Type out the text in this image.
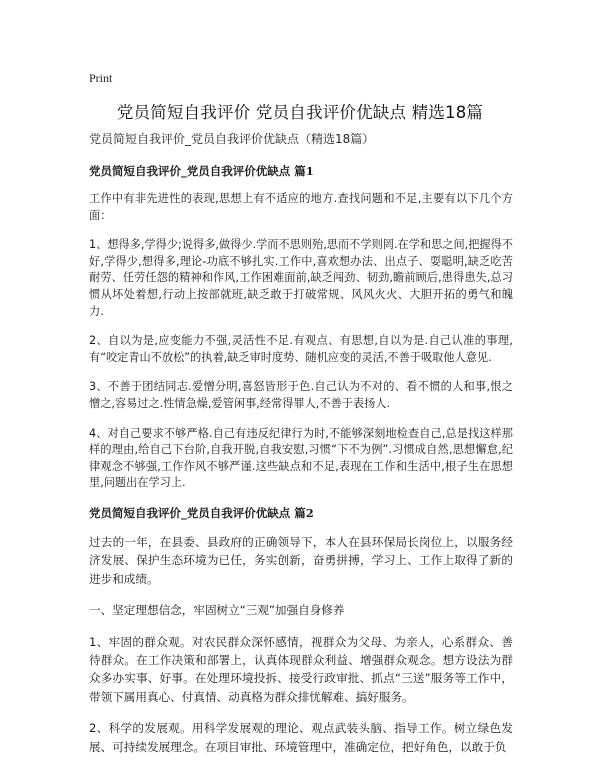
Print
党员简短自我评价 党员自我评价优缺点 精选18篇
党员简短自我评价_党员自我评价优缺点（精选18篇）
党员简短自我评价_党员自我评价优缺点 篇1

工作中有非先进性的表现,思想上有不适应的地方.查找问题和不足,主要有以下几个方面：

1、想得多,学得少;说得多,做得少.学而不思则殆,思而不学则罔.在学和思之间,把握得不好,学得少,想得多,理论-功底不够扎实.工作中,喜欢想办法、出点子、耍聪明,缺乏吃苦耐劳、任劳任怨的精神和作风,工作困难面前,缺乏闯劲、韧劲,瞻前顾后,患得患失,总习惯从坏处着想,行动上按部就班,缺乏敢于打破常规、风风火火、大胆开拓的勇气和魄力.

2、自以为是,应变能力不强,灵活性不足.有观点、有思想,自以为是.自己认准的事理,有“咬定青山不放松”的执着,缺乏审时度势、随机应变的灵活,不善于吸取他人意见.

3、不善于团结同志.爱憎分明,喜怒皆形于色.自己认为不对的、看不惯的人和事,恨之憎之,容易过之.性情急燥,爱管闲事,经常得罪人,不善于表扬人.

4、对自己要求不够严格.自己有违反纪律行为时,不能够深刻地检查自己,总是找这样那样的理由,给自己下台阶,自我开脱,自我安慰,习惯“下不为例”.习惯成自然,思想懈怠,纪律观念不够强,工作作风不够严谨.这些缺点和不足,表现在工作和生活中,根子生在思想里,问题出在学习上.

党员简短自我评价_党员自我评价优缺点 篇2

过去的一年，在县委、县政府的正确领导下，本人在县环保局长岗位上，以服务经济发展、保护生态环境为已任，务实创新，奋勇拼搏，学习上、工作上取得了新的进步和成绩。

一、坚定理想信念，牢固树立“三观”加强自身修养

1、牢固的群众观。对农民群众深怀感情，视群众为父母、为亲人，心系群众、善待群众。在工作决策和部署上，认真体现群众利益、增强群众观念。想方设法为群众多办实事、好事。在处理环境投拆、接受行政审批、抓点“三送”服务等工作中，带领下属用真心、付真情、动真格为群众排忧解难、搞好服务。

2、科学的发展观。用科学发展观的理论、观点武装头脑、指导工作。树立绿色发展、可持续发展理念。在项目审批、环境管理中，准确定位，把好角色，以敢于负
